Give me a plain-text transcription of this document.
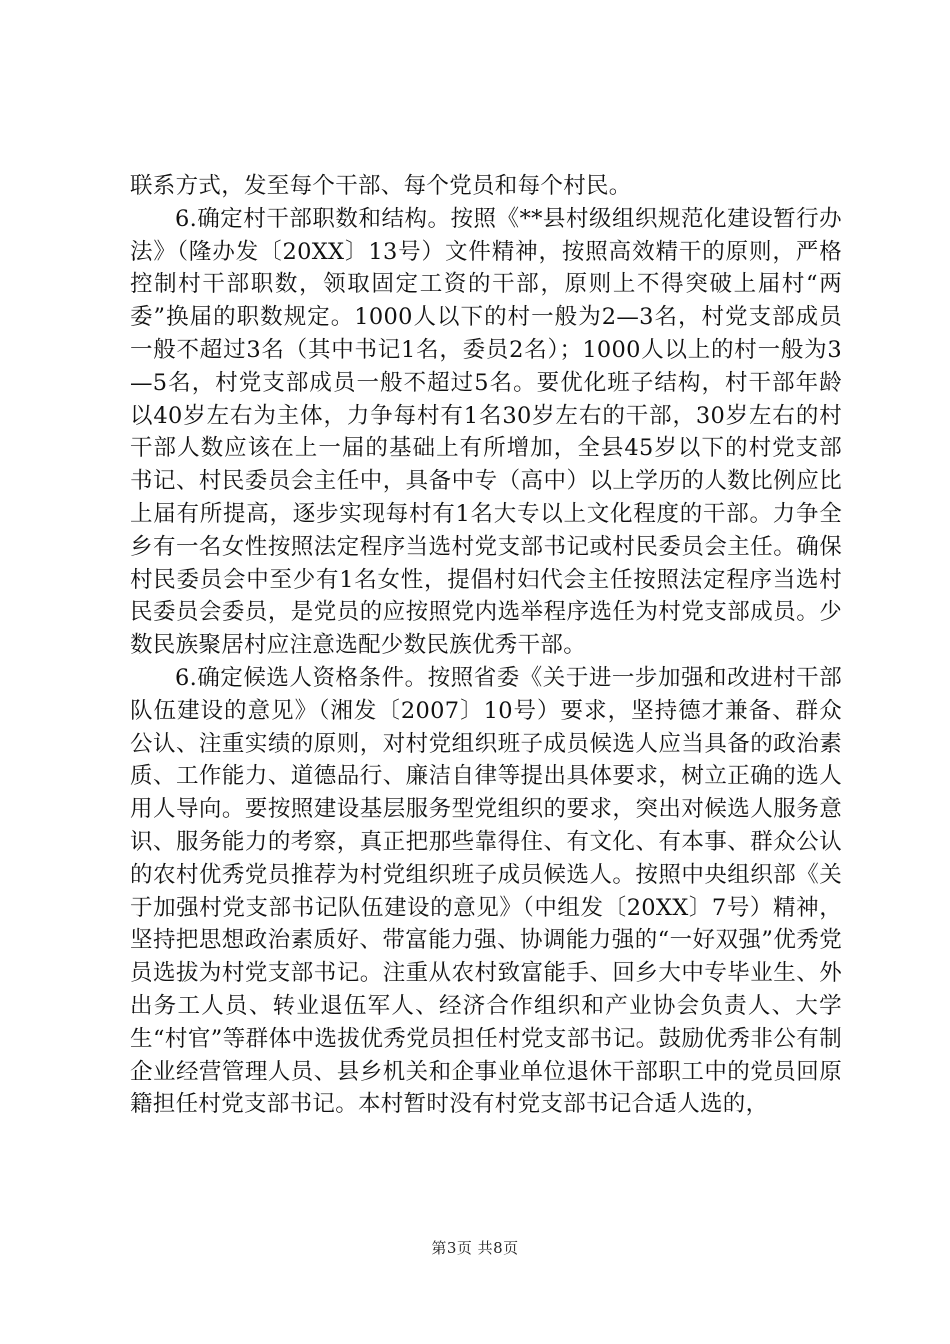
联系方式，发至每个干部、每个党员和每个村民。

6.确定村干部职数和结构。按照《**县村级组织规范化建设暂行办法》（隆办发〔20XX〕13号）文件精神，按照高效精干的原则，严格控制村干部职数，领取固定工资的干部，原则上不得突破上届村“两委”换届的职数规定。1000人以下的村一般为2—3名，村党支部成员一般不超过3名（其中书记1名，委员2名）；1000人以上的村一般为3—5名，村党支部成员一般不超过5名。要优化班子结构，村干部年龄以40岁左右为主体，力争每村有1名30岁左右的干部，30岁左右的村干部人数应该在上一届的基础上有所增加，全县45岁以下的村党支部书记、村民委员会主任中，具备中专（高中）以上学历的人数比例应比上届有所提高，逐步实现每村有1名大专以上文化程度的干部。力争全乡有一名女性按照法定程序当选村党支部书记或村民委员会主任。确保村民委员会中至少有1名女性，提倡村妇代会主任按照法定程序当选村民委员会委员，是党员的应按照党内选举程序选任为村党支部成员。少数民族聚居村应注意选配少数民族优秀干部。

6.确定候选人资格条件。按照省委《关于进一步加强和改进村干部队伍建设的意见》（湘发〔2007〕10号）要求，坚持德才兼备、群众公认、注重实绩的原则，对村党组织班子成员候选人应当具备的政治素质、工作能力、道德品行、廉洁自律等提出具体要求，树立正确的选人用人导向。要按照建设基层服务型党组织的要求，突出对候选人服务意识、服务能力的考察，真正把那些靠得住、有文化、有本事、群众公认的农村优秀党员推荐为村党组织班子成员候选人。按照中央组织部《关于加强村党支部书记队伍建设的意见》（中组发〔20XX〕7号）精神，坚持把思想政治素质好、带富能力强、协调能力强的“一好双强”优秀党员选拔为村党支部书记。注重从农村致富能手、回乡大中专毕业生、外出务工人员、转业退伍军人、经济合作组织和产业协会负责人、大学生“村官”等群体中选拔优秀党员担任村党支部书记。鼓励优秀非公有制企业经营管理人员、县乡机关和企事业单位退休干部职工中的党员回原籍担任村党支部书记。本村暂时没有村党支部书记合适人选的，

第3页 共8页
